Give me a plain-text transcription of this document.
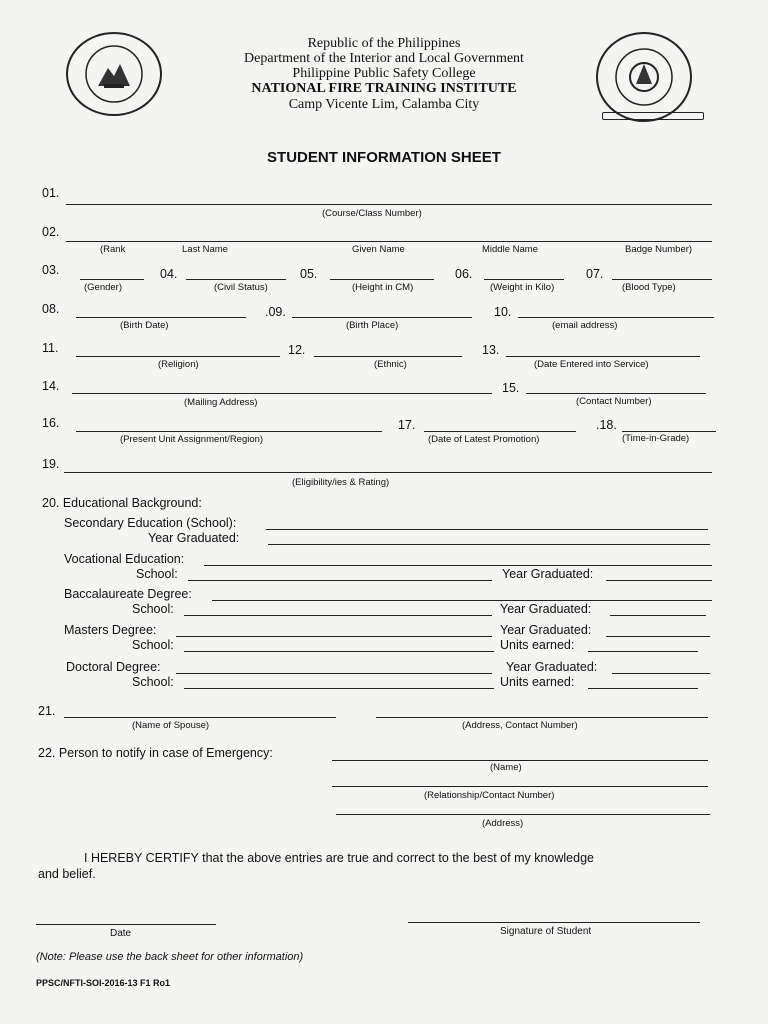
Republic of the Philippines
Department of the Interior and Local Government
Philippine Public Safety College
NATIONAL FIRE TRAINING INSTITUTE
Camp Vicente Lim, Calamba City
STUDENT INFORMATION SHEET
01.
(Course/Class Number)
02.
(Rank	Last Name	Given Name	Middle Name	Badge Number)
03.
(Gender)
04.
(Civil Status)
05.
(Height in CM)
06.
(Weight in Kilo)
07.
(Blood Type)
08.
(Birth Date)
.09.
(Birth Place)
10.
(email address)
11.
(Religion)
12.
(Ethnic)
13.
(Date Entered into Service)
14.
(Mailing Address)
15.
(Contact Number)
16.
(Present Unit Assignment/Region)
17.
(Date of Latest Promotion)
.18.
(Time-in-Grade)
19.
(Eligibility/ies & Rating)
20. Educational Background:
Secondary Education (School):
Year Graduated:
Vocational Education:
School:	Year Graduated:
Baccalaureate Degree:
School:	Year Graduated:
Masters Degree:	Year Graduated:
School:	Units earned:
Doctoral Degree:	Year Graduated:
School:	Units earned:
21.
(Name of Spouse)	(Address, Contact Number)
22. Person to notify in case of Emergency:
(Name)
(Relationship/Contact Number)
(Address)
I HEREBY CERTIFY that the above entries are true and correct to the best of my knowledge
and belief.
Date	Signature of Student
(Note: Please use the back sheet for other information)
PPSC/NFTI-SOI-2016-13 F1 Ro1
